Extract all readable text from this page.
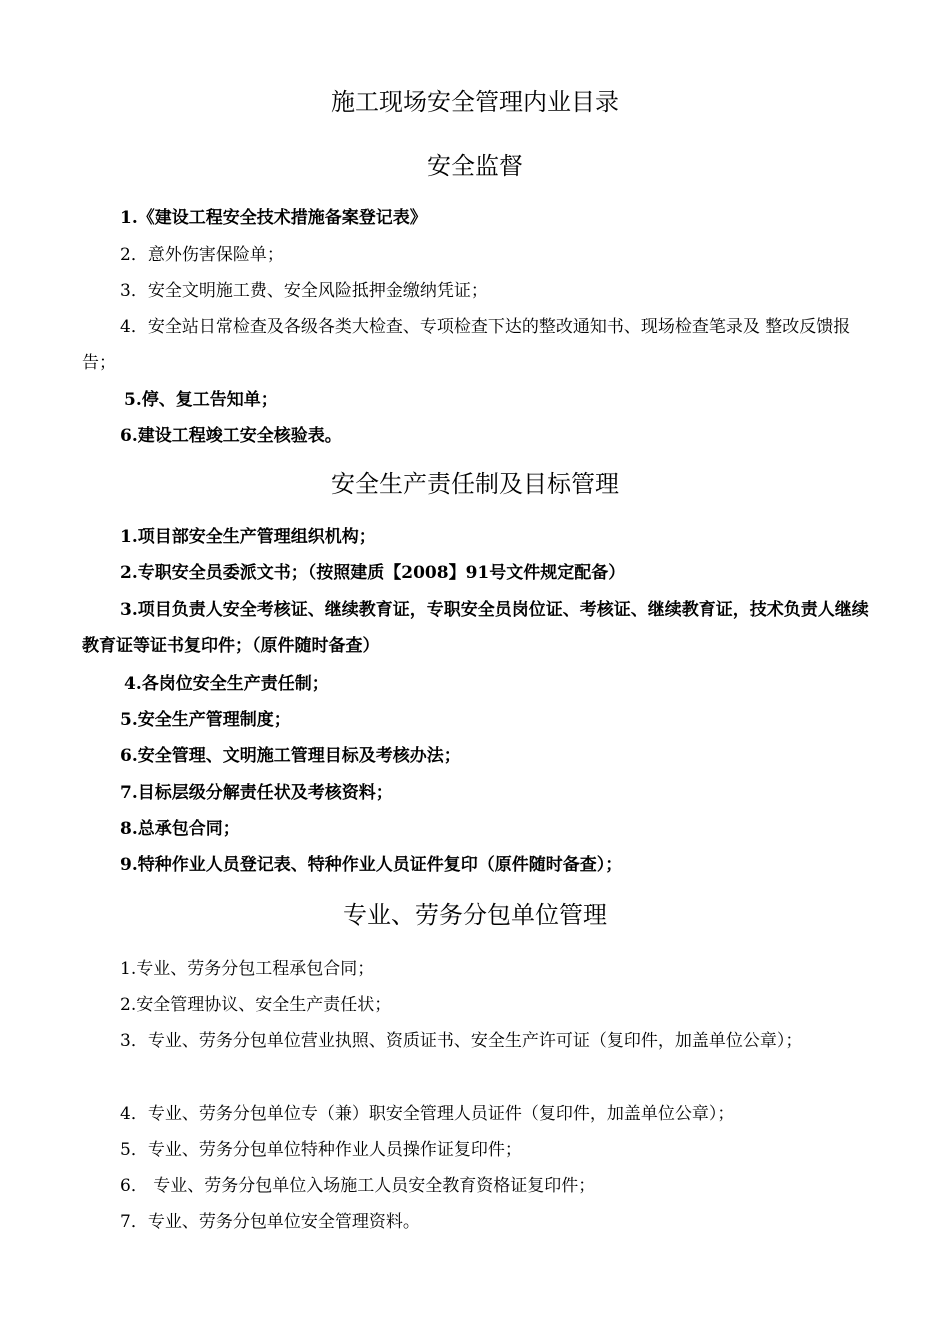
施工现场安全管理内业目录
安全监督

1.《建设工程安全技术措施备案登记表》

2．意外伤害保险单；

3．安全文明施工费、安全风险抵押金缴纳凭证；

4．安全站日常检查及各级各类大检查、专项检查下达的整改通知书、现场检查笔录及 整改反馈报告；

5.停、复工告知单；

6.建设工程竣工安全核验表。

安全生产责任制及目标管理

1.项目部安全生产管理组织机构；

2.专职安全员委派文书；（按照建质【2008】91号文件规定配备）

3.项目负责人安全考核证、继续教育证，专职安全员岗位证、考核证、继续教育证，技术负责人继续教育证等证书复印件；（原件随时备查）

4.各岗位安全生产责任制；

5.安全生产管理制度；

6.安全管理、文明施工管理目标及考核办法；

7.目标层级分解责任状及考核资料；

8.总承包合同；

9.特种作业人员登记表、特种作业人员证件复印（原件随时备查）；

专业、劳务分包单位管理

1.专业、劳务分包工程承包合同；

2.安全管理协议、安全生产责任状；

3．专业、劳务分包单位营业执照、资质证书、安全生产许可证（复印件，加盖单位公章）；

4．专业、劳务分包单位专（兼）职安全管理人员证件（复印件，加盖单位公章）；

5．专业、劳务分包单位特种作业人员操作证复印件；

6． 专业、劳务分包单位入场施工人员安全教育资格证复印件；

7．专业、劳务分包单位安全管理资料。
